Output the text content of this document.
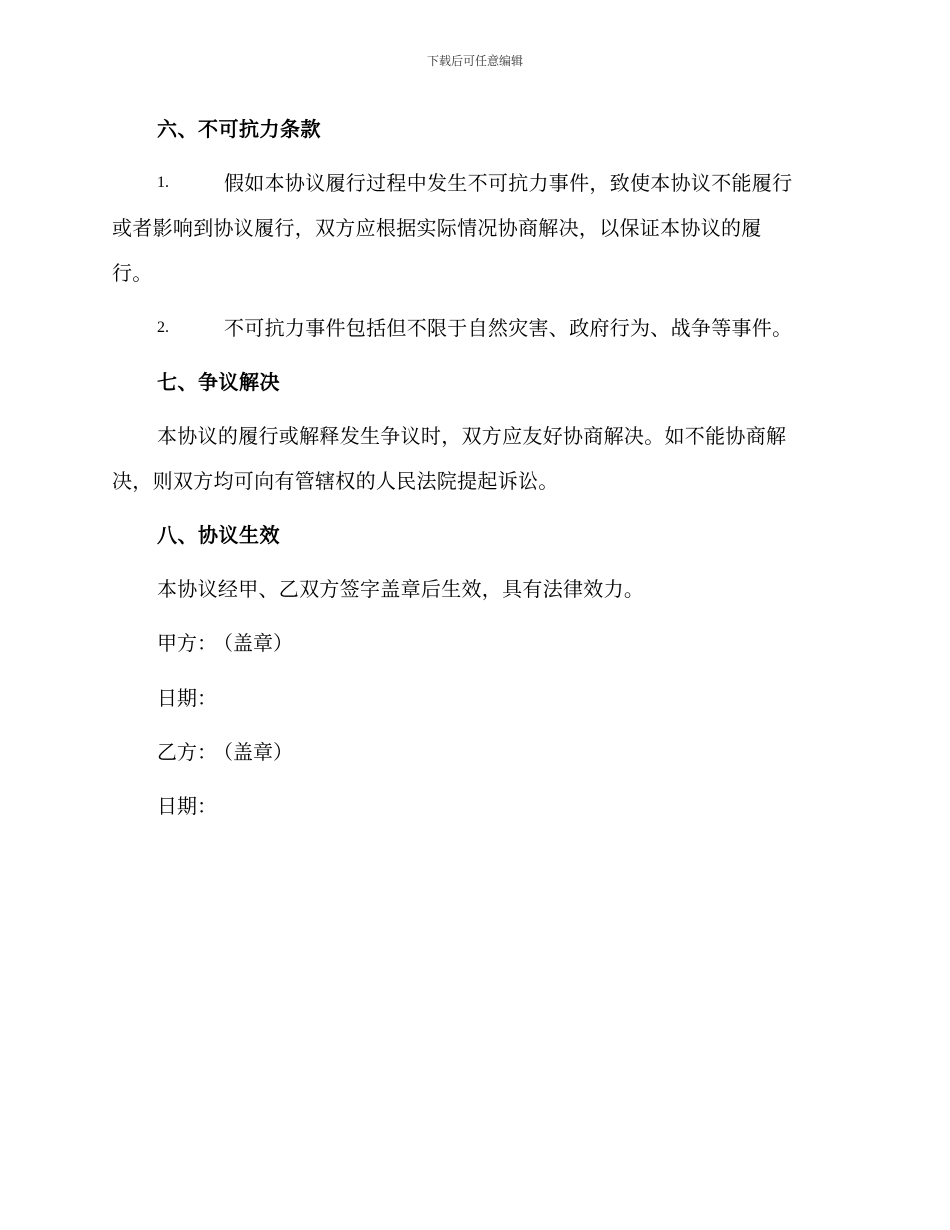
下载后可任意编辑
六、不可抗力条款
1.	假如本协议履行过程中发生不可抗力事件，致使本协议不能履行
或者影响到协议履行，双方应根据实际情况协商解决，以保证本协议的履
行。
2.	不可抗力事件包括但不限于自然灾害、政府行为、战争等事件。
七、争议解决
本协议的履行或解释发生争议时，双方应友好协商解决。如不能协商解
决，则双方均可向有管辖权的人民法院提起诉讼。
八、协议生效
本协议经甲、乙双方签字盖章后生效，具有法律效力。
甲方： （盖章）
日期：
乙方： （盖章）
日期：
